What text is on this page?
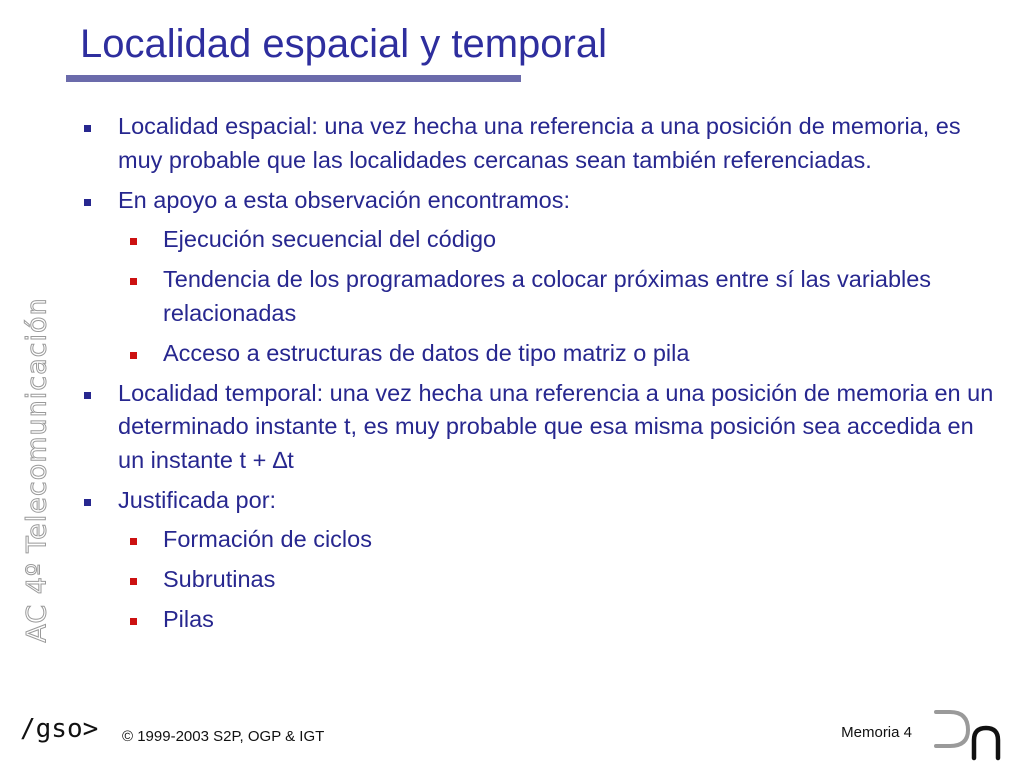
Localidad espacial y temporal
AC 4º Telecomunicación
Localidad espacial: una vez hecha una referencia a una posición de memoria, es muy probable que las localidades cercanas sean también referenciadas.
En apoyo a esta observación encontramos:
Ejecución secuencial del código
Tendencia de los programadores a colocar próximas entre sí las variables relacionadas
Acceso a estructuras de datos de tipo matriz o pila
Localidad temporal: una vez hecha una referencia a una posición de memoria en un determinado instante t, es muy probable que esa misma posición sea accedida en un instante t + ∆t
Justificada por:
Formación de ciclos
Subrutinas
Pilas
/gso> © 1999-2003 S2P, OGP & IGT	Memoria 4
